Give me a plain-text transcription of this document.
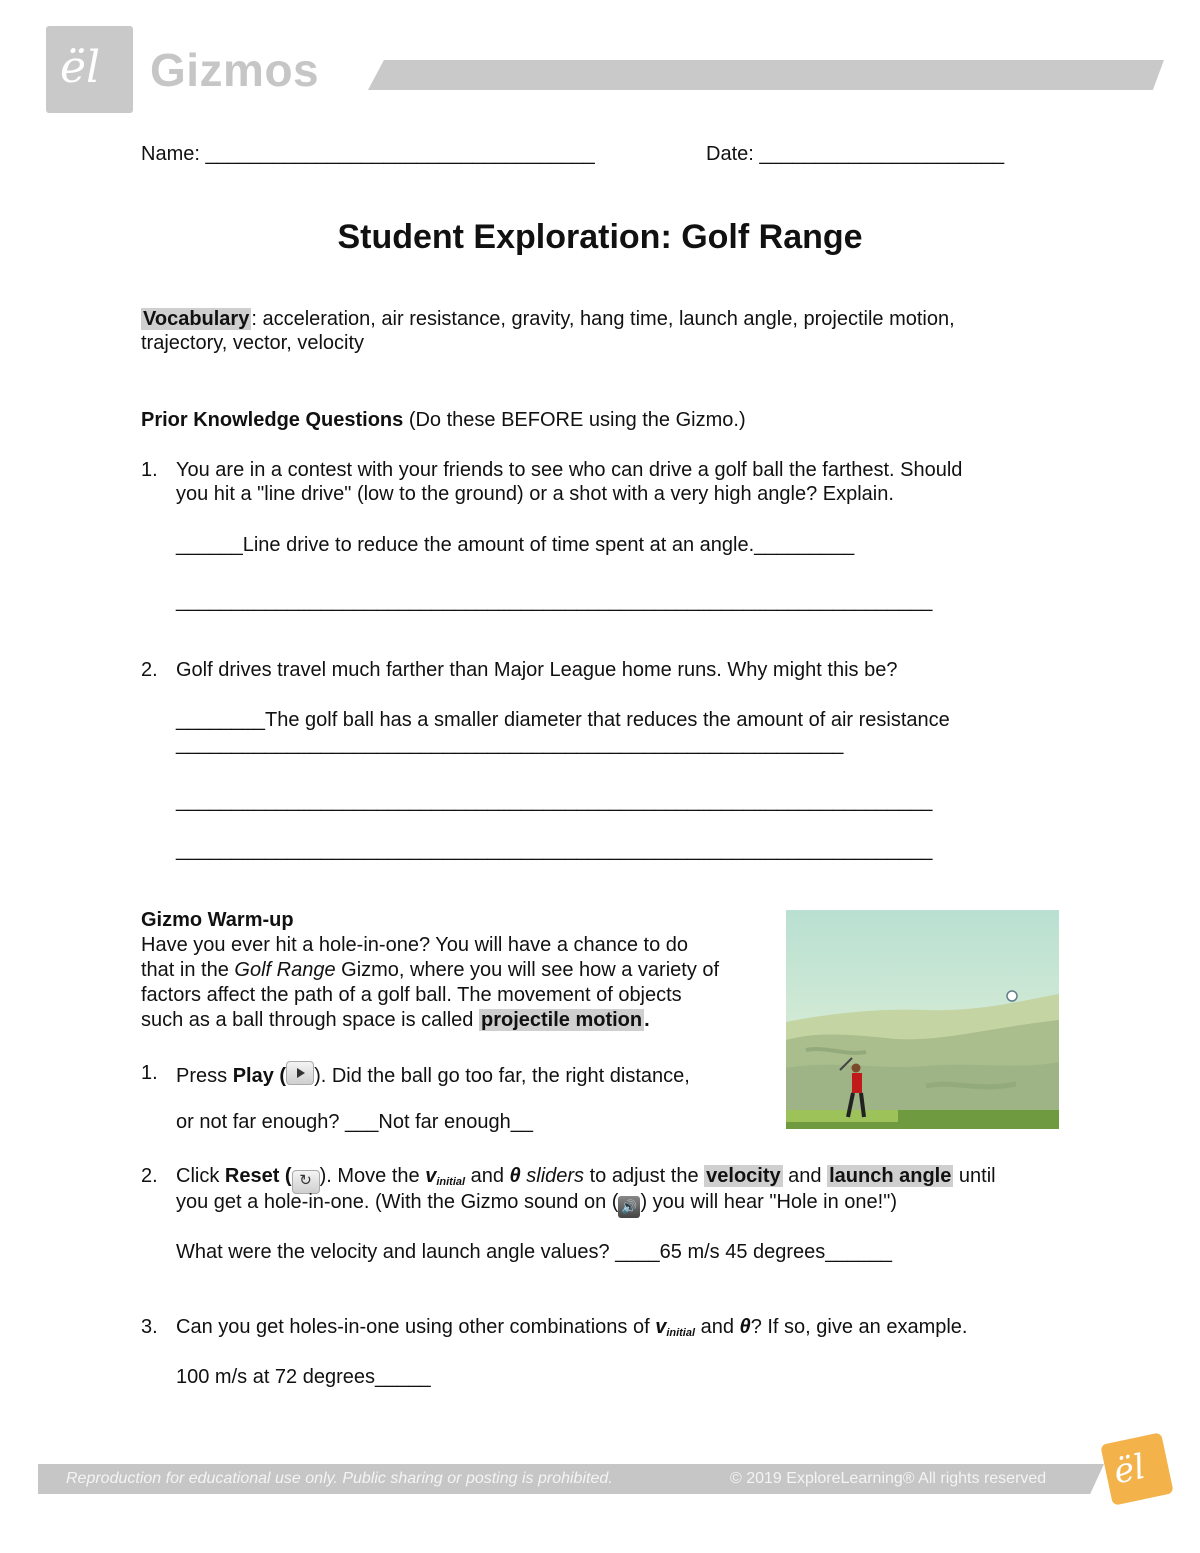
ël Gizmos
Name: ___________________________________	Date: ______________________
Student Exploration: Golf Range
Vocabulary : acceleration, air resistance, gravity, hang time, launch angle, projectile motion,
trajectory, vector, velocity
Prior Knowledge Questions (Do these BEFORE using the Gizmo.)
1. You are in a contest with your friends to see who can drive a golf ball the farthest. Should
you hit a "line drive" (low to the ground) or a shot with a very high angle? Explain.
______Line drive to reduce the amount of time spent at an angle._________
____________________________________________________________________
2. Golf drives travel much farther than Major League home runs. Why might this be?
________The golf ball has a smaller diameter that reduces the amount of air resistance
____________________________________________________________
____________________________________________________________________
____________________________________________________________________
Gizmo Warm-up
Have you ever hit a hole-in-one? You will have a chance to do
that in the Golf Range Gizmo, where you will see how a variety of
factors affect the path of a golf ball. The movement of objects
such as a ball through space is called projectile motion .
1. Press Play ( ). Did the ball go too far, the right distance,
or not far enough? ___Not far enough__
2. Click Reset ( ↻ ). Move the $v_{initial}$ and θ sliders to adjust the velocity and launch angle until
you get a hole-in-one. (With the Gizmo sound on ( 🔊 ) you will hear "Hole in one!")
What were the velocity and launch angle values? ____65 m/s 45 degrees______
3. Can you get holes-in-one using other combinations of $v_{initial}$ and θ? If so, give an example.
100 m/s at 72 degrees_____
Reproduction for educational use only. Public sharing or posting is prohibited.	© 2019 ExploreLearning® All rights reserved ël
